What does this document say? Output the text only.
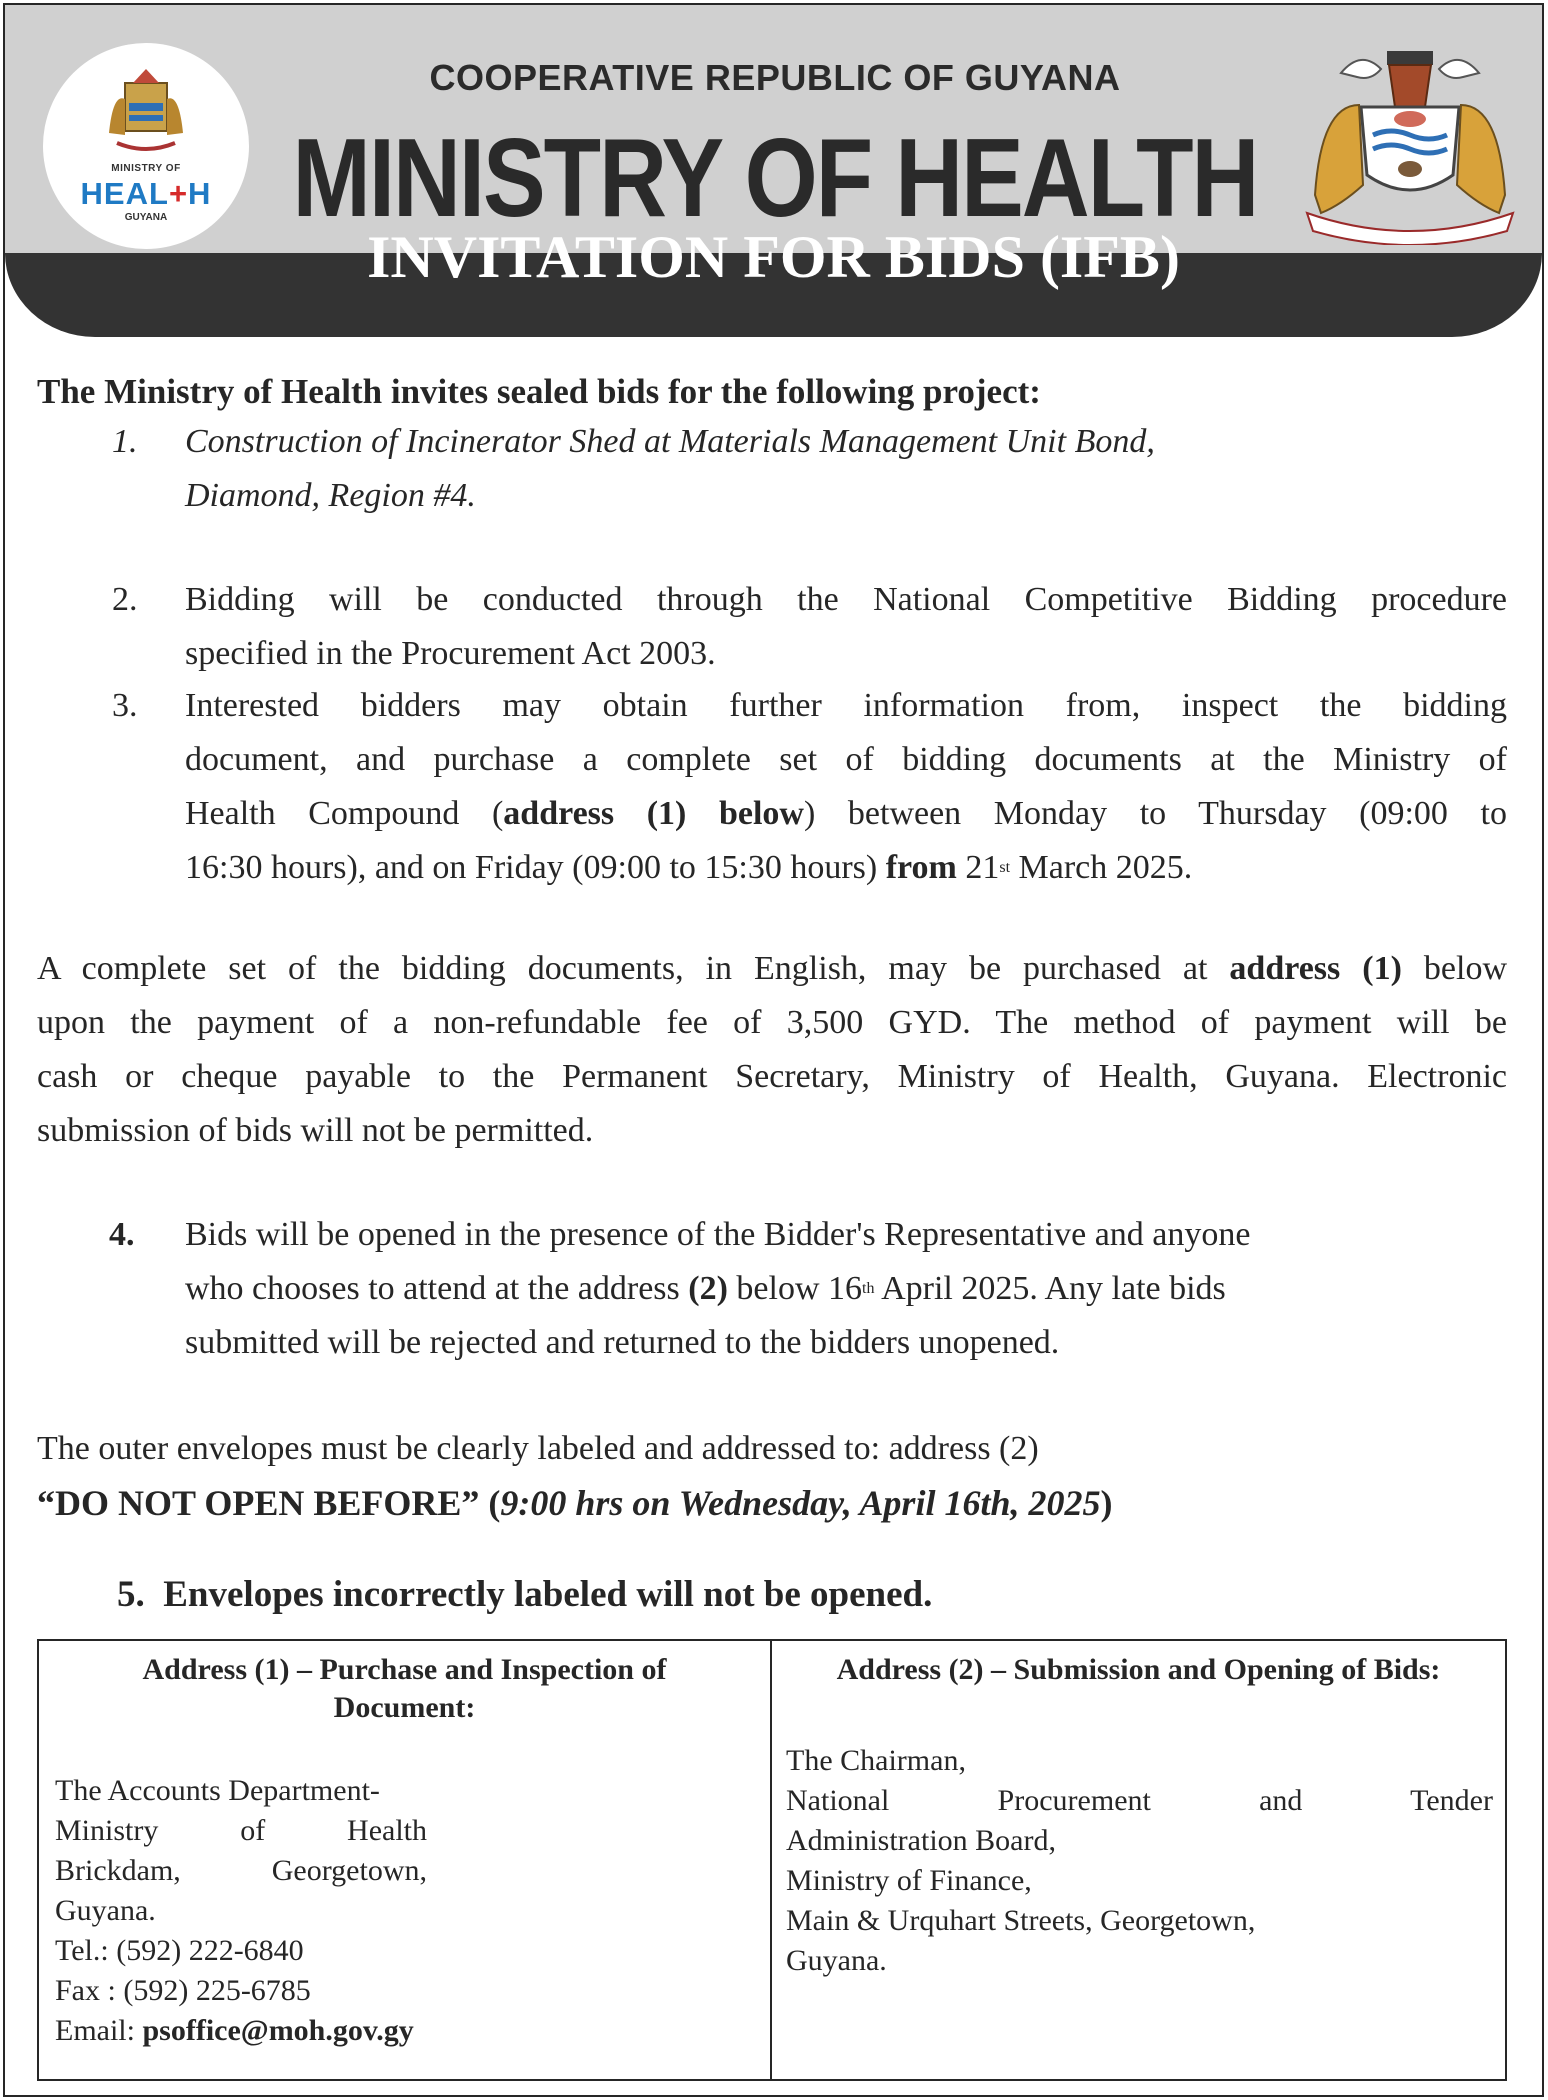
MINISTRY OF
HEAL+H
GUYANA
COOPERATIVE REPUBLIC OF GUYANA
MINISTRY OF HEALTH
INVITATION FOR BIDS (IFB)
The Ministry of Health invites sealed bids for the following project:
1. Construction of Incinerator Shed at Materials Management Unit Bond,
Diamond, Region #4.
2. Bidding will be conducted through the National Competitive Bidding procedure
specified in the Procurement Act 2003.
3. Interested bidders may obtain further information from, inspect the bidding
document, and purchase a complete set of bidding documents at the Ministry of
Health Compound (address (1) below) between Monday to Thursday (09:00 to
16:30 hours), and on Friday (09:00 to 15:30 hours) from 21st March 2025.
A complete set of the bidding documents, in English, may be purchased at address (1) below
upon the payment of a non-refundable fee of 3,500 GYD. The method of payment will be
cash or cheque payable to the Permanent Secretary, Ministry of Health, Guyana. Electronic
submission of bids will not be permitted.
4. Bids will be opened in the presence of the Bidder's Representative and anyone
who chooses to attend at the address (2) below 16th April 2025. Any late bids
submitted will be rejected and returned to the bidders unopened.
The outer envelopes must be clearly labeled and addressed to: address (2)
“DO NOT OPEN BEFORE” (9:00 hrs on Wednesday, April 16th, 2025)
5. Envelopes incorrectly labeled will not be opened.
Address (1) – Purchase and Inspection of Document:
The Accounts Department-
Ministry of Health
Brickdam, Georgetown,
Guyana.
Tel.: (592) 222-6840
Fax : (592) 225-6785
Email: psoffice@moh.gov.gy
Address (2) – Submission and Opening of Bids:
The Chairman,
National Procurement and Tender
Administration Board,
Ministry of Finance,
Main & Urquhart Streets, Georgetown,
Guyana.
